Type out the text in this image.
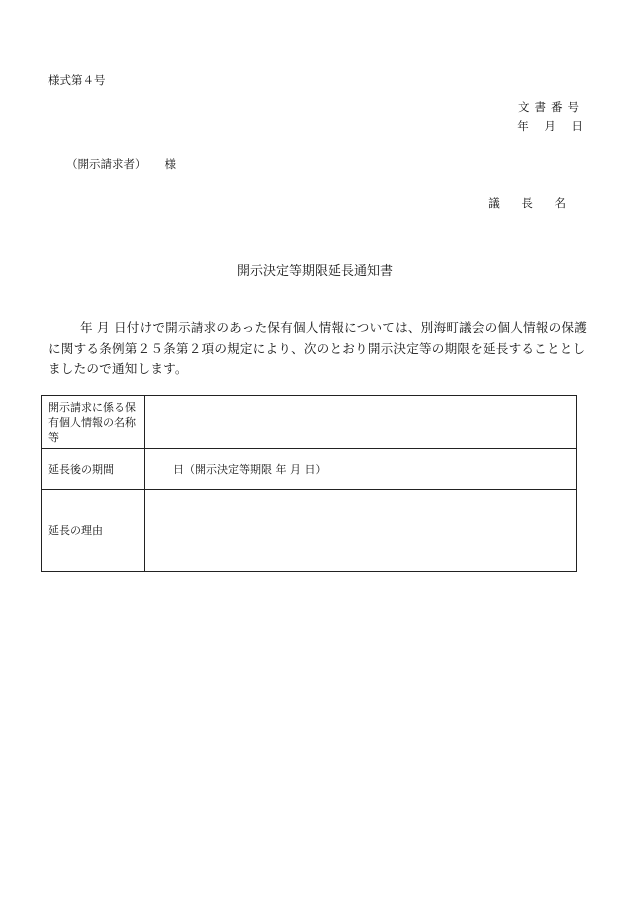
様式第４号
文書番号
年 月 日
（開示請求者） 様
議 長 名
開示決定等期限延長通知書
年 月 日付けで開示請求のあった保有個人情報については、別海町議会の個人情報の保護に関する条例第２５条第２項の規定により、次のとおり開示決定等の期限を延長することとしましたので通知します。
開示請求に係る保有個人情報の名称等	
延長後の期間	日（開示決定等期限 年 月 日）
延長の理由	
